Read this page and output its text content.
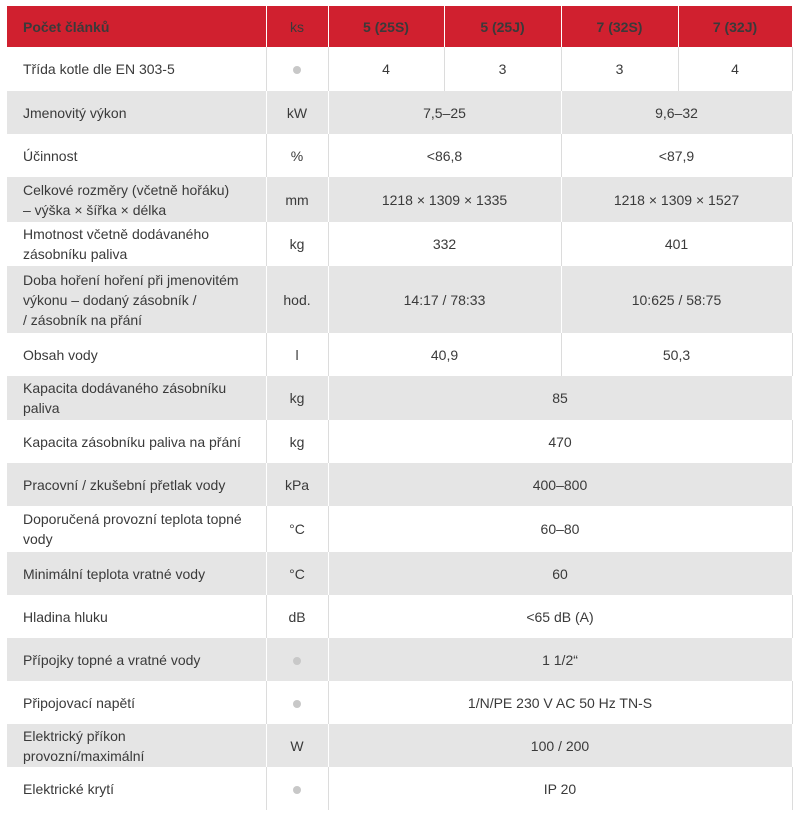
Počet článků	ks	5 (25S)	5 (25J)	7 (32S)	7 (32J)
Třída kotle dle EN 303-5		4	3	3	4
Jmenovitý výkon	kW	7,5–25		9,6–32	
Účinnost	%	<86,8		<87,9	
Celkové rozměry (včetně hořáku)
– výška × šířka × délka	mm	1218 × 1309 × 1335		1218 × 1309 × 1527	
Hmotnost včetně dodávaného
zásobníku paliva	kg	332		401	
Doba hoření hoření při jmenovitém
výkonu – dodaný zásobník /
/ zásobník na přání	hod.	14:17 / 78:33		10:625 / 58:75	
Obsah vody	l	40,9		50,3	
Kapacita dodávaného zásobníku paliva	kg	85			
Kapacita zásobníku paliva na přání	kg	470			
Pracovní / zkušební přetlak vody	kPa	400–800			
Doporučená provozní teplota topné
vody	°C	60–80			
Minimální teplota vratné vody	°C	60			
Hladina hluku	dB	<65 dB (A)			
Přípojky topné a vratné vody		1 1/2“			
Připojovací napětí		1/N/PE 230 V AC 50 Hz TN-S			
Elektrický příkon provozní/maximální	W	100 / 200			
Elektrické krytí		IP 20			
